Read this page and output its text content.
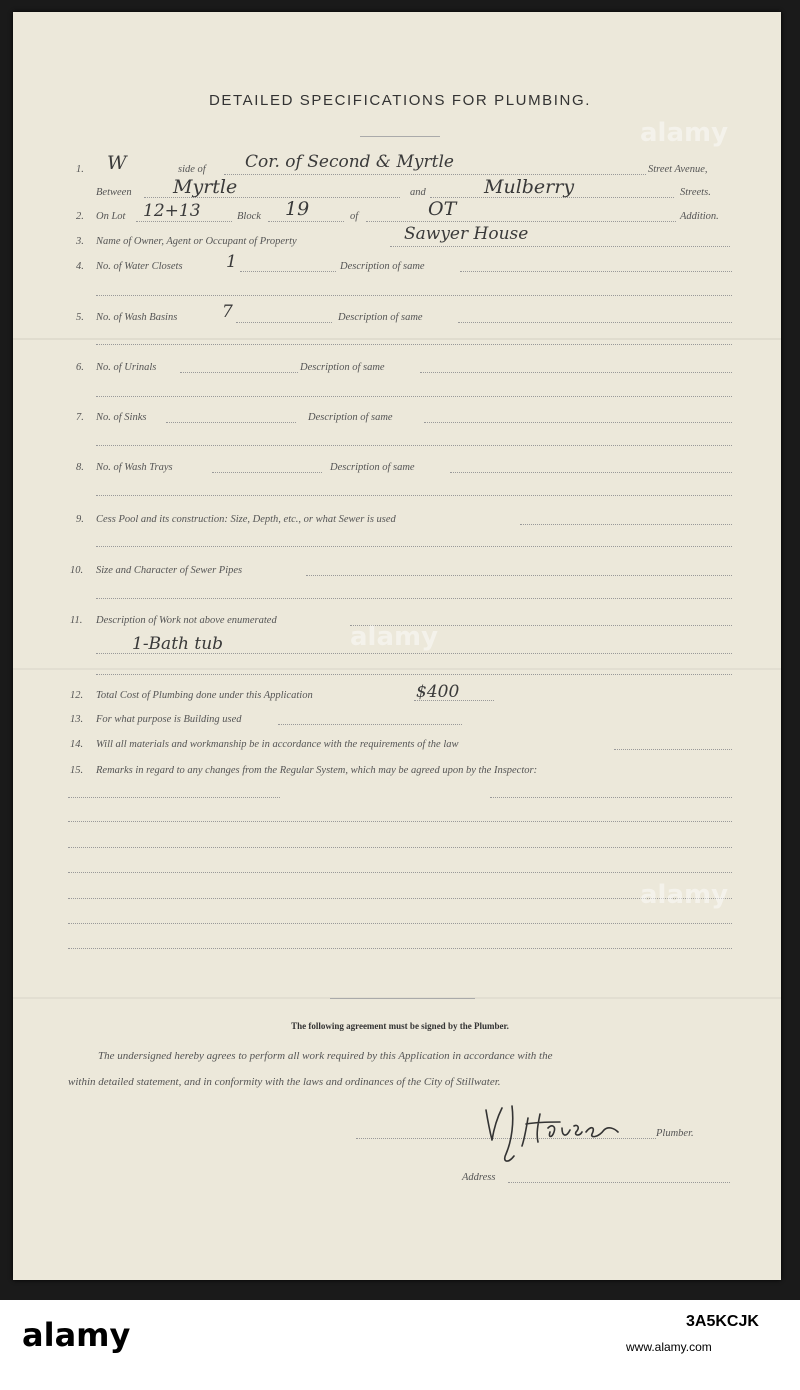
DETAILED SPECIFICATIONS FOR PLUMBING.
1. W	side of Cor. of Second & Myrtle	Street Avenue,
Between Myrtle	and	Mulberry	Streets.
2. On Lot 12+13	Block 19	of	OT	Addition.
3. Name of Owner, Agent or Occupant of Property	Sawyer House
4. No. of Water Closets	1	Description of same
5. No. of Wash Basins	7	Description of same
6. No. of Urinals	Description of same
7. No. of Sinks	Description of same
8. No. of Wash Trays	Description of same
9. Cess Pool and its construction: Size, Depth, etc., or what Sewer is used
10. Size and Character of Sewer Pipes
11. Description of Work not above enumerated
1-Bath tub
12. Total Cost of Plumbing done under this Application	$400
13. For what purpose is Building used
14. Will all materials and workmanship be in accordance with the requirements of the law
15. Remarks in regard to any changes from the Regular System, which may be agreed upon by the Inspector:
The following agreement must be signed by the Plumber.
The undersigned hereby agrees to perform all work required by this Application in accordance with the
within detailed statement, and in conformity with the laws and ordinances of the City of Stillwater.
Plumber.
Address
alamy
alamy
alamy
alamy	3A5KCJK
www.alamy.com
